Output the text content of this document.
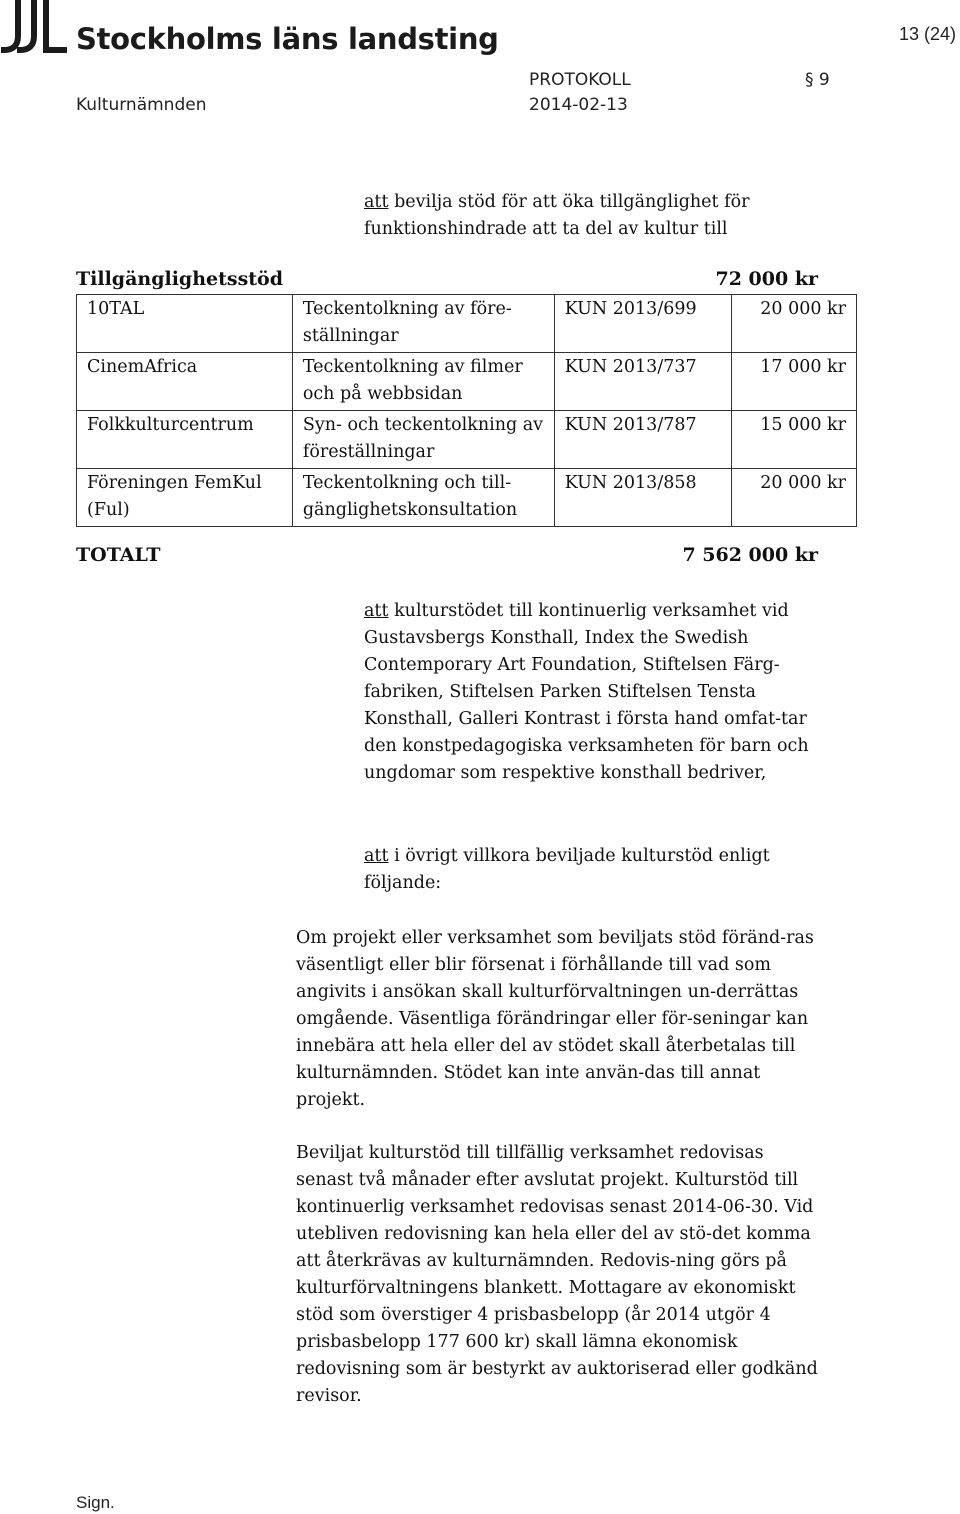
Stockholms läns landsting	13 (24)
PROTOKOLL	§ 9
Kulturnämnden	2014-02-13
att bevilja stöd för att öka tillgänglighet för funktionshindrade att ta del av kultur till
Tillgänglighetsstöd	72 000 kr
10TAL	Teckentolkning av före-ställningar	KUN 2013/699	20 000 kr
CinemAfrica	Teckentolkning av filmer och på webbsidan	KUN 2013/737	17 000 kr
Folkkulturcentrum	Syn- och teckentolkning av föreställningar	KUN 2013/787	15 000 kr
Föreningen FemKul (Ful)	Teckentolkning och till-gänglighetskonsultation	KUN 2013/858	20 000 kr
TOTALT	7 562 000 kr
att kulturstödet till kontinuerlig verksamhet vid Gustavsbergs Konsthall, Index the Swedish Contemporary Art Foundation, Stiftelsen Färg-fabriken, Stiftelsen Parken Stiftelsen Tensta Konsthall, Galleri Kontrast i första hand omfat-tar den konstpedagogiska verksamheten för barn och ungdomar som respektive konsthall bedriver,
att i övrigt villkora beviljade kulturstöd enligt följande:
Om projekt eller verksamhet som beviljats stöd föränd-ras väsentligt eller blir försenat i förhållande till vad som angivits i ansökan skall kulturförvaltningen un-derrättas omgående. Väsentliga förändringar eller för-seningar kan innebära att hela eller del av stödet skall återbetalas till kulturnämnden. Stödet kan inte använ-das till annat projekt.
Beviljat kulturstöd till tillfällig verksamhet redovisas senast två månader efter avslutat projekt. Kulturstöd till kontinuerlig verksamhet redovisas senast 2014-06-30. Vid utebliven redovisning kan hela eller del av stö-det komma att återkrävas av kulturnämnden. Redovis-ning görs på kulturförvaltningens blankett. Mottagare av ekonomiskt stöd som överstiger 4 prisbasbelopp (år 2014 utgör 4 prisbasbelopp 177 600 kr) skall lämna ekonomisk redovisning som är bestyrkt av auktoriserad eller godkänd revisor.
Sign.
